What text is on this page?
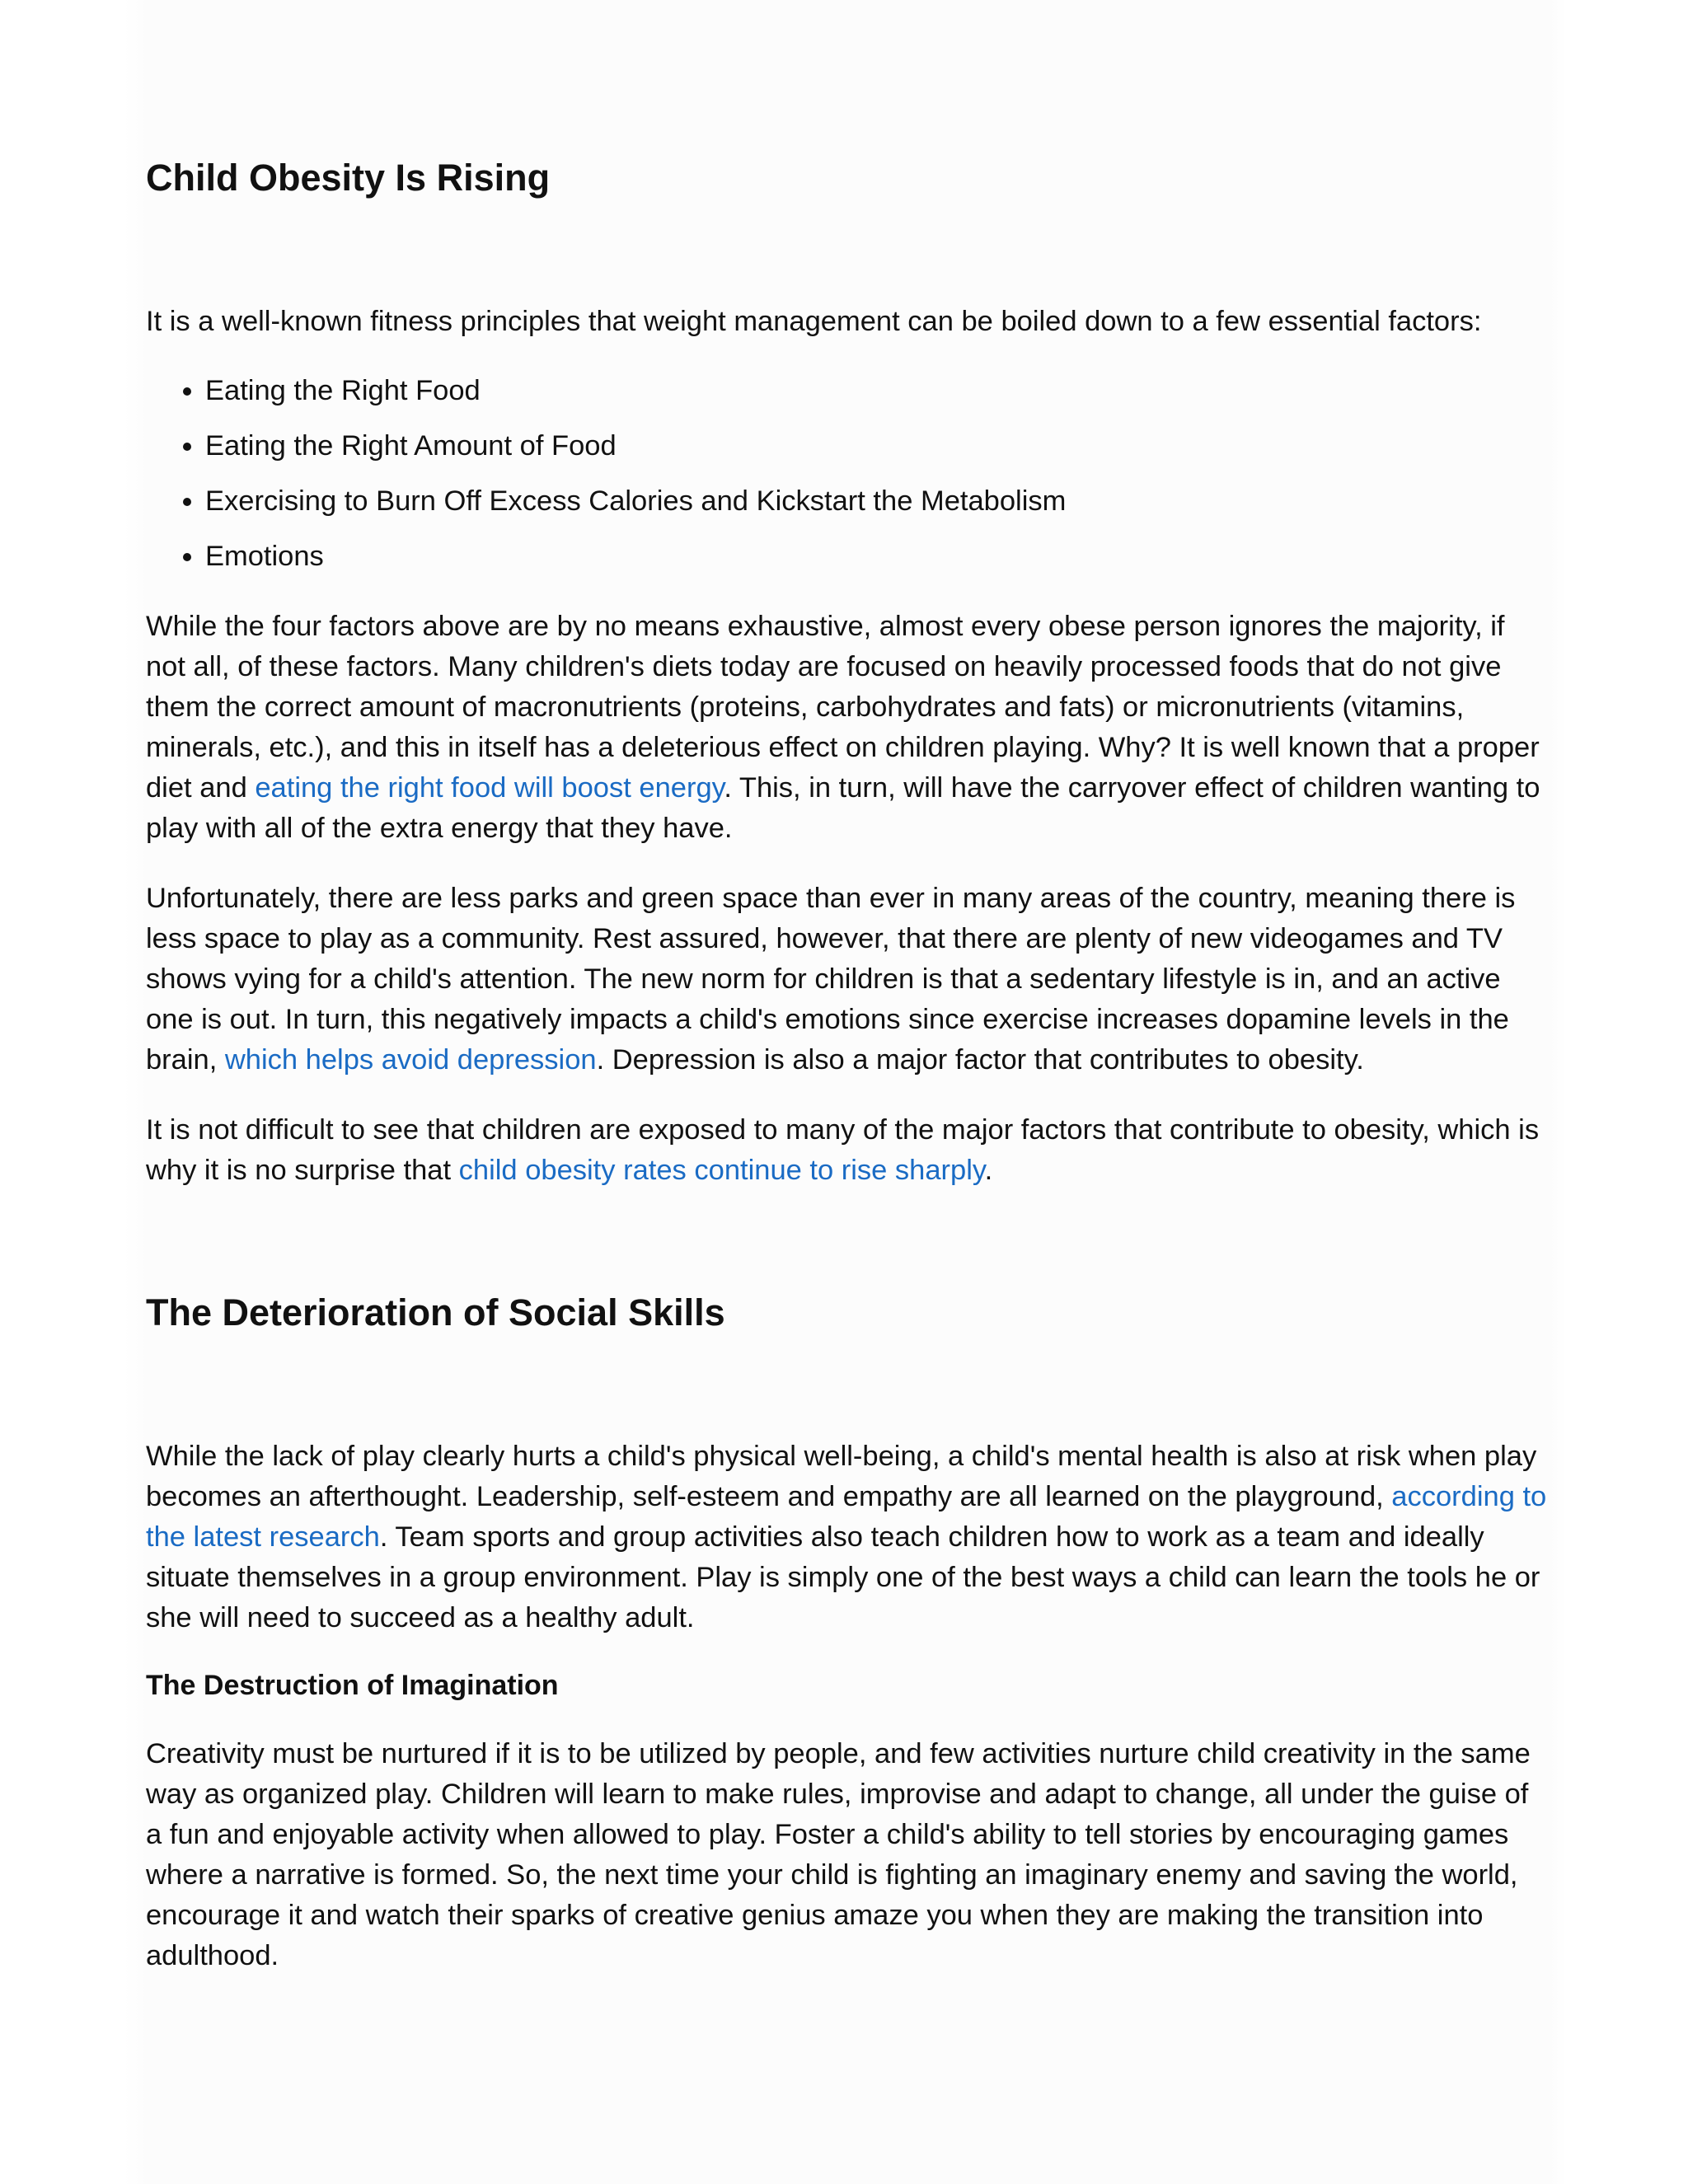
Child Obesity Is Rising

It is a well-known fitness principles that weight management can be boiled down to a few essential factors:

• Eating the Right Food
• Eating the Right Amount of Food
• Exercising to Burn Off Excess Calories and Kickstart the Metabolism
• Emotions

While the four factors above are by no means exhaustive, almost every obese person ignores the majority, if not all, of these factors. Many children's diets today are focused on heavily processed foods that do not give them the correct amount of macronutrients (proteins, carbohydrates and fats) or micronutrients (vitamins, minerals, etc.), and this in itself has a deleterious effect on children playing. Why? It is well known that a proper diet and eating the right food will boost energy. This, in turn, will have the carryover effect of children wanting to play with all of the extra energy that they have.

Unfortunately, there are less parks and green space than ever in many areas of the country, meaning there is less space to play as a community. Rest assured, however, that there are plenty of new videogames and TV shows vying for a child's attention. The new norm for children is that a sedentary lifestyle is in, and an active one is out. In turn, this negatively impacts a child's emotions since exercise increases dopamine levels in the brain, which helps avoid depression. Depression is also a major factor that contributes to obesity.

It is not difficult to see that children are exposed to many of the major factors that contribute to obesity, which is why it is no surprise that child obesity rates continue to rise sharply.

The Deterioration of Social Skills

While the lack of play clearly hurts a child's physical well-being, a child's mental health is also at risk when play becomes an afterthought. Leadership, self-esteem and empathy are all learned on the playground, according to the latest research. Team sports and group activities also teach children how to work as a team and ideally situate themselves in a group environment. Play is simply one of the best ways a child can learn the tools he or she will need to succeed as a healthy adult.

The Destruction of Imagination

Creativity must be nurtured if it is to be utilized by people, and few activities nurture child creativity in the same way as organized play. Children will learn to make rules, improvise and adapt to change, all under the guise of a fun and enjoyable activity when allowed to play. Foster a child's ability to tell stories by encouraging games where a narrative is formed. So, the next time your child is fighting an imaginary enemy and saving the world, encourage it and watch their sparks of creative genius amaze you when they are making the transition into adulthood.
